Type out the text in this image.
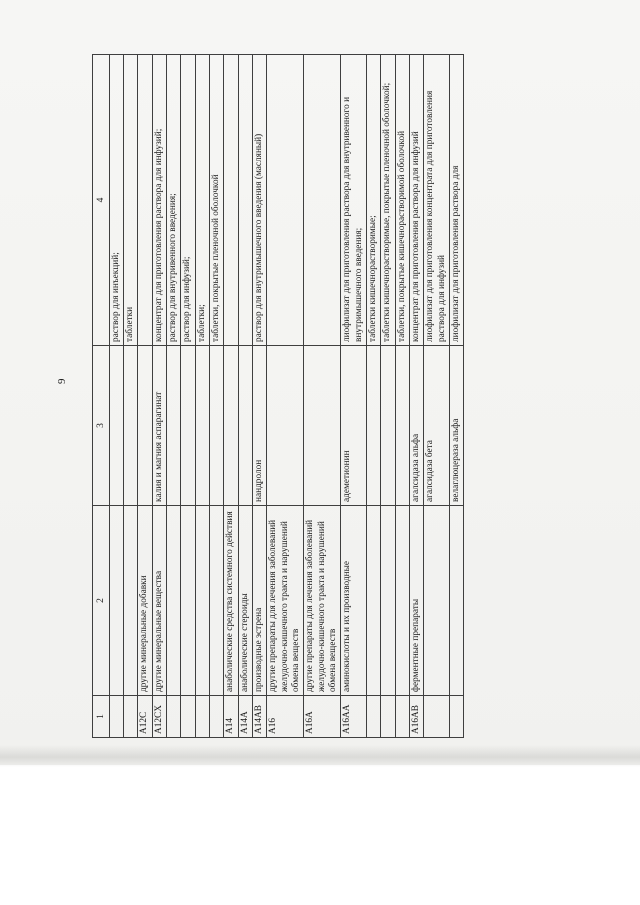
9
1	2	3	4
			раствор для инъекций;
			таблетки
A12C	другие минеральные добавки		
A12CX	другие минеральные вещества	калия и магния аспарагинат	концентрат для приготовления раствора для инфузий;
			раствор для внутривенного введения;
			раствор для инфузий;
			таблетки;
			таблетки, покрытые пленочной оболочкой
A14	анаболические средства системного действия		
A14A	анаболические стероиды		
A14AB	производные эстрена	нандролон	раствор для внутримышечного введения (масляный)
A16	другие препараты для лечения заболеваний желудочно-кишечного тракта и нарушений обмена веществ		
A16A	другие препараты для лечения заболеваний желудочно-кишечного тракта и нарушений обмена веществ		
A16AA	аминокислоты и их производные	адеметионин	лиофилизат для приготовления раствора для внутривенного и внутримышечного введения;
			таблетки кишечнорастворимые;
			таблетки кишечнорастворимые, покрытые пленочной оболочкой;
			таблетки, покрытые кишечнорастворимой оболочкой
A16AB	ферментные препараты	агалсидаза альфа	концентрат для приготовления раствора для инфузий
		агалсидаза бета	лиофилизат для приготовления концентрата для приготовления раствора для инфузий
		велаглюцераза альфа	лиофилизат для приготовления раствора для
